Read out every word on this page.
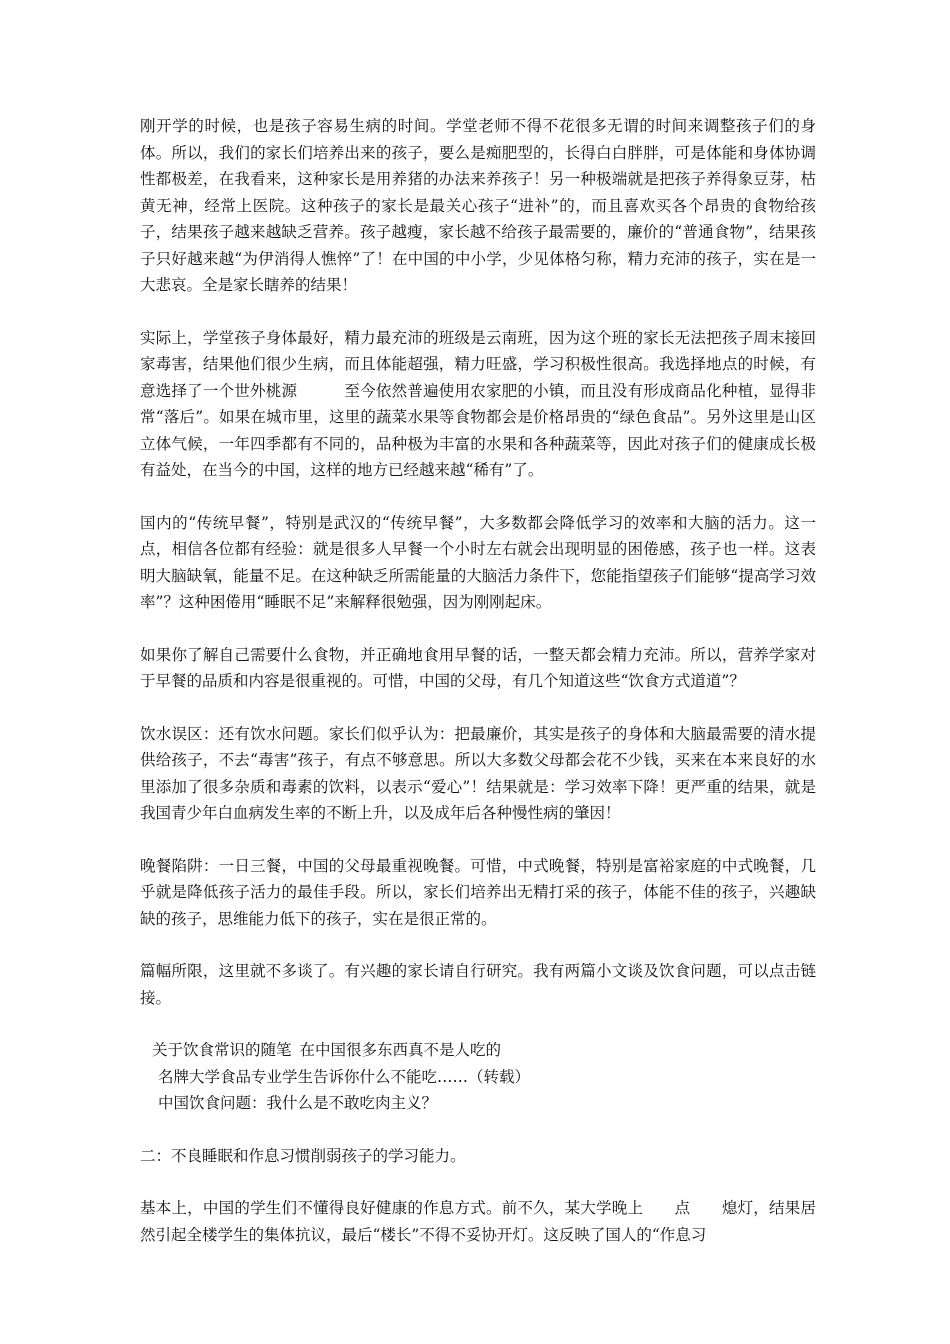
刚开学的时候，也是孩子容易生病的时间。学堂老师不得不花很多无谓的时间来调整孩子们的身体。所以，我们的家长们培养出来的孩子，要么是痴肥型的，长得白白胖胖，可是体能和身体协调性都极差，在我看来，这种家长是用养猪的办法来养孩子！另一种极端就是把孩子养得象豆芽，枯黄无神，经常上医院。这种孩子的家长是最关心孩子“进补”的，而且喜欢买各个昂贵的食物给孩子，结果孩子越来越缺乏营养。孩子越瘦，家长越不给孩子最需要的，廉价的“普通食物”，结果孩子只好越来越“为伊消得人憔悴”了！在中国的中小学，少见体格匀称，精力充沛的孩子，实在是一大悲哀。全是家长瞎养的结果！

实际上，学堂孩子身体最好，精力最充沛的班级是云南班，因为这个班的家长无法把孩子周末接回家毒害，结果他们很少生病，而且体能超强，精力旺盛，学习积极性很高。我选择地点的时候，有意选择了一个世外桃源　　　至今依然普遍使用农家肥的小镇，而且没有形成商品化种植，显得非常“落后”。如果在城市里，这里的蔬菜水果等食物都会是价格昂贵的“绿色食品”。另外这里是山区立体气候，一年四季都有不同的，品种极为丰富的水果和各种蔬菜等，因此对孩子们的健康成长极有益处，在当今的中国，这样的地方已经越来越“稀有”了。

国内的“传统早餐”，特别是武汉的“传统早餐”，大多数都会降低学习的效率和大脑的活力。这一点，相信各位都有经验：就是很多人早餐一个小时左右就会出现明显的困倦感，孩子也一样。这表明大脑缺氧，能量不足。在这种缺乏所需能量的大脑活力条件下，您能指望孩子们能够“提高学习效率”？这种困倦用“睡眠不足”来解释很勉强，因为刚刚起床。

如果你了解自己需要什么食物，并正确地食用早餐的话，一整天都会精力充沛。所以，营养学家对于早餐的品质和内容是很重视的。可惜，中国的父母，有几个知道这些“饮食方式道道”？

饮水误区：还有饮水问题。家长们似乎认为：把最廉价，其实是孩子的身体和大脑最需要的清水提供给孩子，不去“毒害”孩子，有点不够意思。所以大多数父母都会花不少钱，买来在本来良好的水里添加了很多杂质和毒素的饮料，以表示“爱心”！结果就是：学习效率下降！更严重的结果，就是我国青少年白血病发生率的不断上升，以及成年后各种慢性病的肇因！

晚餐陷阱：一日三餐，中国的父母最重视晚餐。可惜，中式晚餐，特别是富裕家庭的中式晚餐，几乎就是降低孩子活力的最佳手段。所以，家长们培养出无精打采的孩子，体能不佳的孩子，兴趣缺缺的孩子，思维能力低下的孩子，实在是很正常的。

篇幅所限，这里就不多谈了。有兴趣的家长请自行研究。我有两篇小文谈及饮食问题，可以点击链接。

关于饮食常识的随笔 在中国很多东西真不是人吃的
名牌大学食品专业学生告诉你什么不能吃……（转载）
中国饮食问题：我什么是不敢吃肉主义？

二：不良睡眠和作息习惯削弱孩子的学习能力。

基本上，中国的学生们不懂得良好健康的作息方式。前不久，某大学晚上　　点　　熄灯，结果居然引起全楼学生的集体抗议，最后“楼长”不得不妥协开灯。这反映了国人的“作息习
